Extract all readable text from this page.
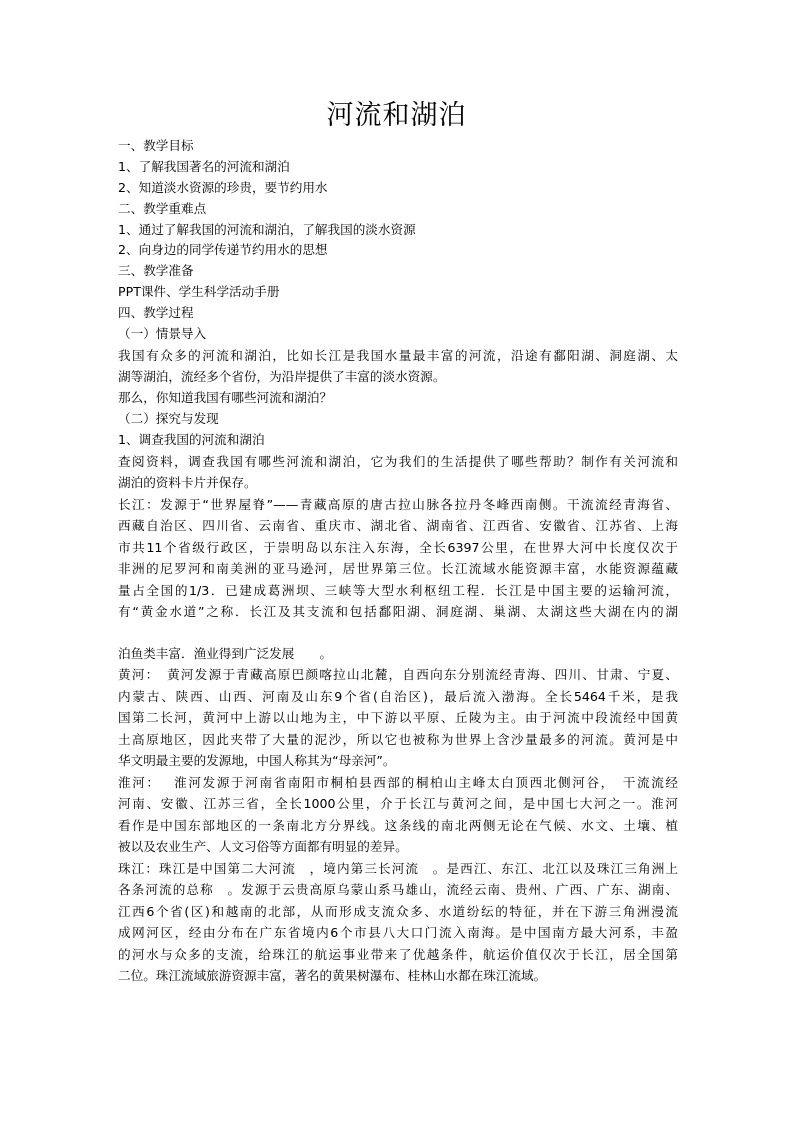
河流和湖泊
一、教学目标
1、了解我国著名的河流和湖泊
2、知道淡水资源的珍贵，要节约用水
二、教学重难点
1、通过了解我国的河流和湖泊，了解我国的淡水资源
2、向身边的同学传递节约用水的思想
三、教学准备
PPT课件、学生科学活动手册
四、教学过程
（一）情景导入
我国有众多的河流和湖泊，比如长江是我国水量最丰富的河流，沿途有鄱阳湖、洞庭湖、太
湖等湖泊，流经多个省份，为沿岸提供了丰富的淡水资源。
那么，你知道我国有哪些河流和湖泊？
（二）探究与发现
1、调查我国的河流和湖泊
查阅资料，调查我国有哪些河流和湖泊，它为我们的生活提供了哪些帮助？制作有关河流和
湖泊的资料卡片并保存。
长江：发源于“世界屋脊”——青藏高原的唐古拉山脉各拉丹冬峰西南侧。干流流经青海省、
西藏自治区、四川省、云南省、重庆市、湖北省、湖南省、江西省、安徽省、江苏省、上海
市共11个省级行政区，于崇明岛以东注入东海，全长6397公里，在世界大河中长度仅次于
非洲的尼罗河和南美洲的亚马逊河，居世界第三位。长江流域水能资源丰富，水能资源蕴藏
量占全国的1/3．已建成葛洲坝、三峡等大型水利枢纽工程．长江是中国主要的运输河流，
有“黄金水道”之称．长江及其支流和包括鄱阳湖、洞庭湖、巢湖、太湖这些大湖在内的湖
泊鱼类丰富．渔业得到广泛发展　　。
黄河：　黄河发源于青藏高原巴颜喀拉山北麓，自西向东分别流经青海、四川、甘肃、宁夏、
内蒙古、陕西、山西、河南及山东9个省(自治区)，最后流入渤海。全长5464千米，是我
国第二长河，黄河中上游以山地为主，中下游以平原、丘陵为主。由于河流中段流经中国黄
土高原地区，因此夹带了大量的泥沙，所以它也被称为世界上含沙量最多的河流。黄河是中
华文明最主要的发源地，中国人称其为“母亲河”。
淮河：　 淮河发源于河南省南阳市桐柏县西部的桐柏山主峰太白顶西北侧河谷，　干流流经
河南、安徽、江苏三省，全长1000公里，介于长江与黄河之间，是中国七大河之一。淮河
看作是中国东部地区的一条南北方分界线。这条线的南北两侧无论在气候、水文、土壤、植
被以及农业生产、人文习俗等方面都有明显的差异。
珠江：珠江是中国第二大河流　，境内第三长河流　。是西江、东江、北江以及珠江三角洲上
各条河流的总称　。发源于云贵高原乌蒙山系马雄山，流经云南、贵州、广西、广东、湖南、
江西6个省(区)和越南的北部，从而形成支流众多、水道纷纭的特征，并在下游三角洲漫流
成网河区，经由分布在广东省境内6个市县八大口门流入南海。是中国南方最大河系，丰盈
的河水与众多的支流，给珠江的航运事业带来了优越条件，航运价值仅次于长江，居全国第
二位。珠江流域旅游资源丰富，著名的黄果树瀑布、桂林山水都在珠江流域。
